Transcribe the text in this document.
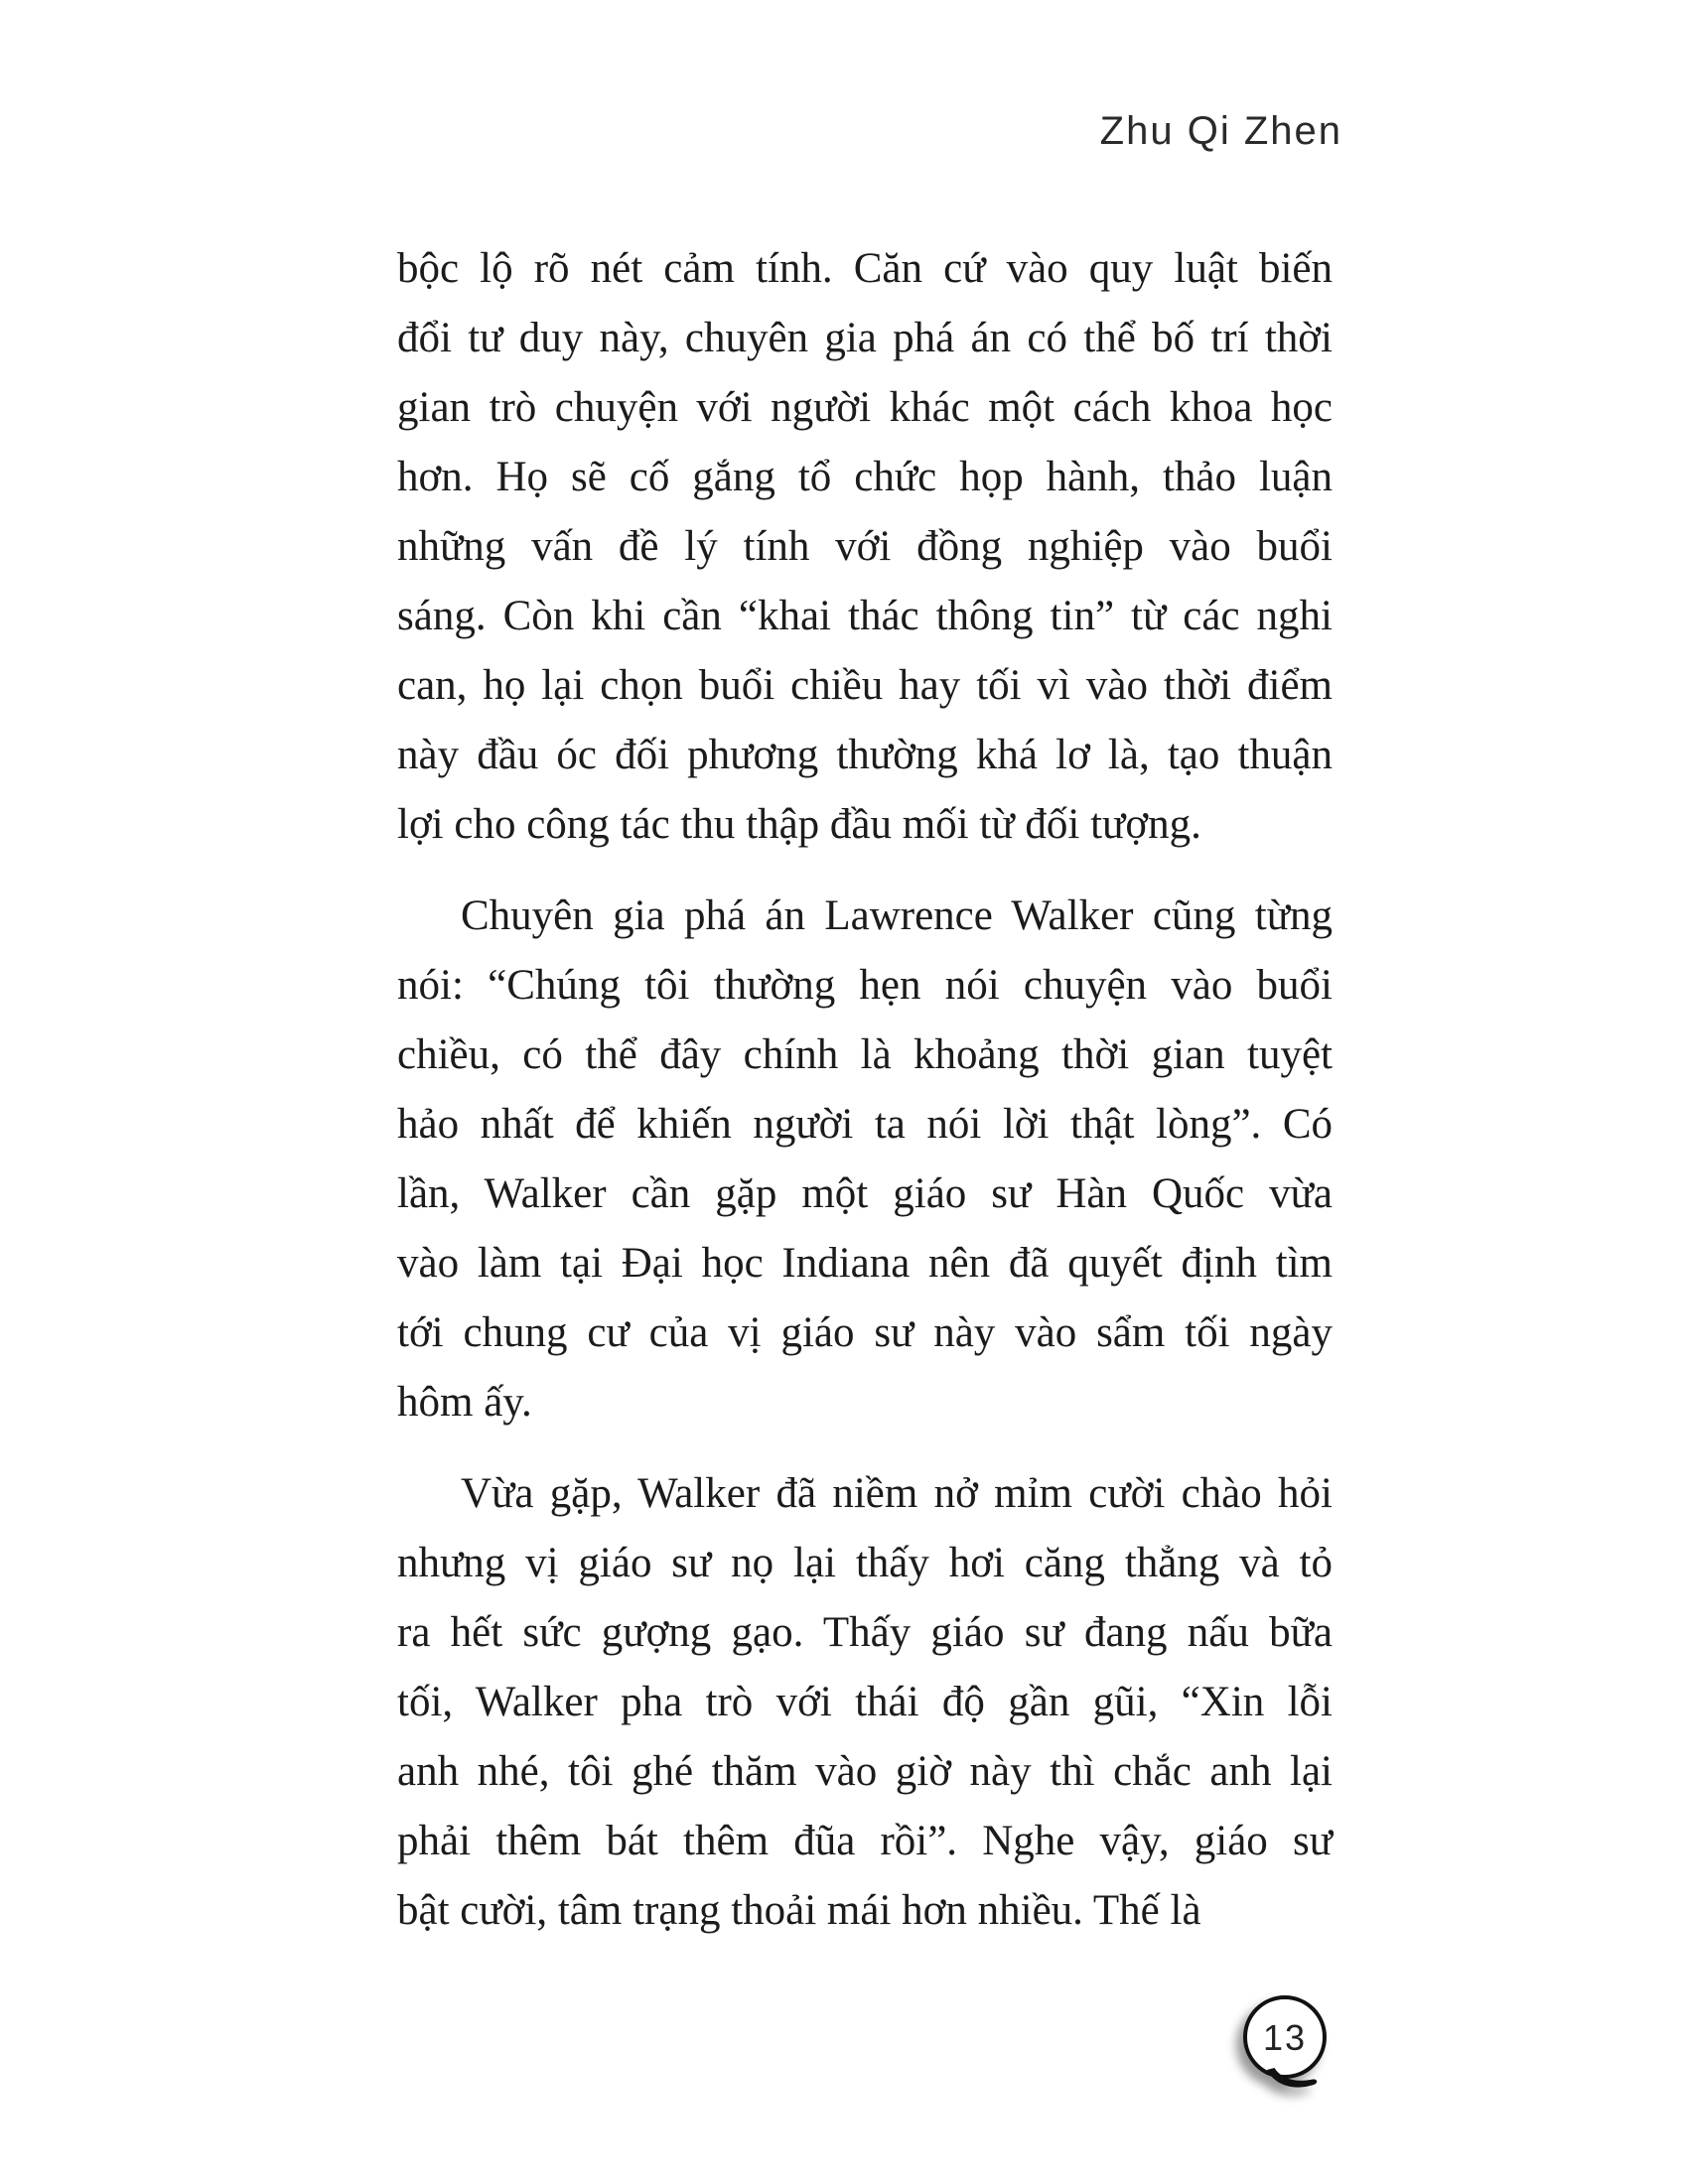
Zhu Qi Zhen
bộc lộ rõ nét cảm tính. Căn cứ vào quy luật biến
đổi tư duy này, chuyên gia phá án có thể bố trí thời
gian trò chuyện với người khác một cách khoa học
hơn. Họ sẽ cố gắng tổ chức họp hành, thảo luận
những vấn đề lý tính với đồng nghiệp vào buổi
sáng. Còn khi cần “khai thác thông tin” từ các nghi
can, họ lại chọn buổi chiều hay tối vì vào thời điểm
này đầu óc đối phương thường khá lơ là, tạo thuận
lợi cho công tác thu thập đầu mối từ đối tượng.
Chuyên gia phá án Lawrence Walker cũng từng
nói: “Chúng tôi thường hẹn nói chuyện vào buổi
chiều, có thể đây chính là khoảng thời gian tuyệt
hảo nhất để khiến người ta nói lời thật lòng”. Có
lần, Walker cần gặp một giáo sư Hàn Quốc vừa
vào làm tại Đại học Indiana nên đã quyết định tìm
tới chung cư của vị giáo sư này vào sẩm tối ngày
hôm ấy.
Vừa gặp, Walker đã niềm nở mỉm cười chào hỏi
nhưng vị giáo sư nọ lại thấy hơi căng thẳng và tỏ
ra hết sức gượng gạo. Thấy giáo sư đang nấu bữa
tối, Walker pha trò với thái độ gần gũi, “Xin lỗi
anh nhé, tôi ghé thăm vào giờ này thì chắc anh lại
phải thêm bát thêm đũa rồi”. Nghe vậy, giáo sư
bật cười, tâm trạng thoải mái hơn nhiều. Thế là
13
